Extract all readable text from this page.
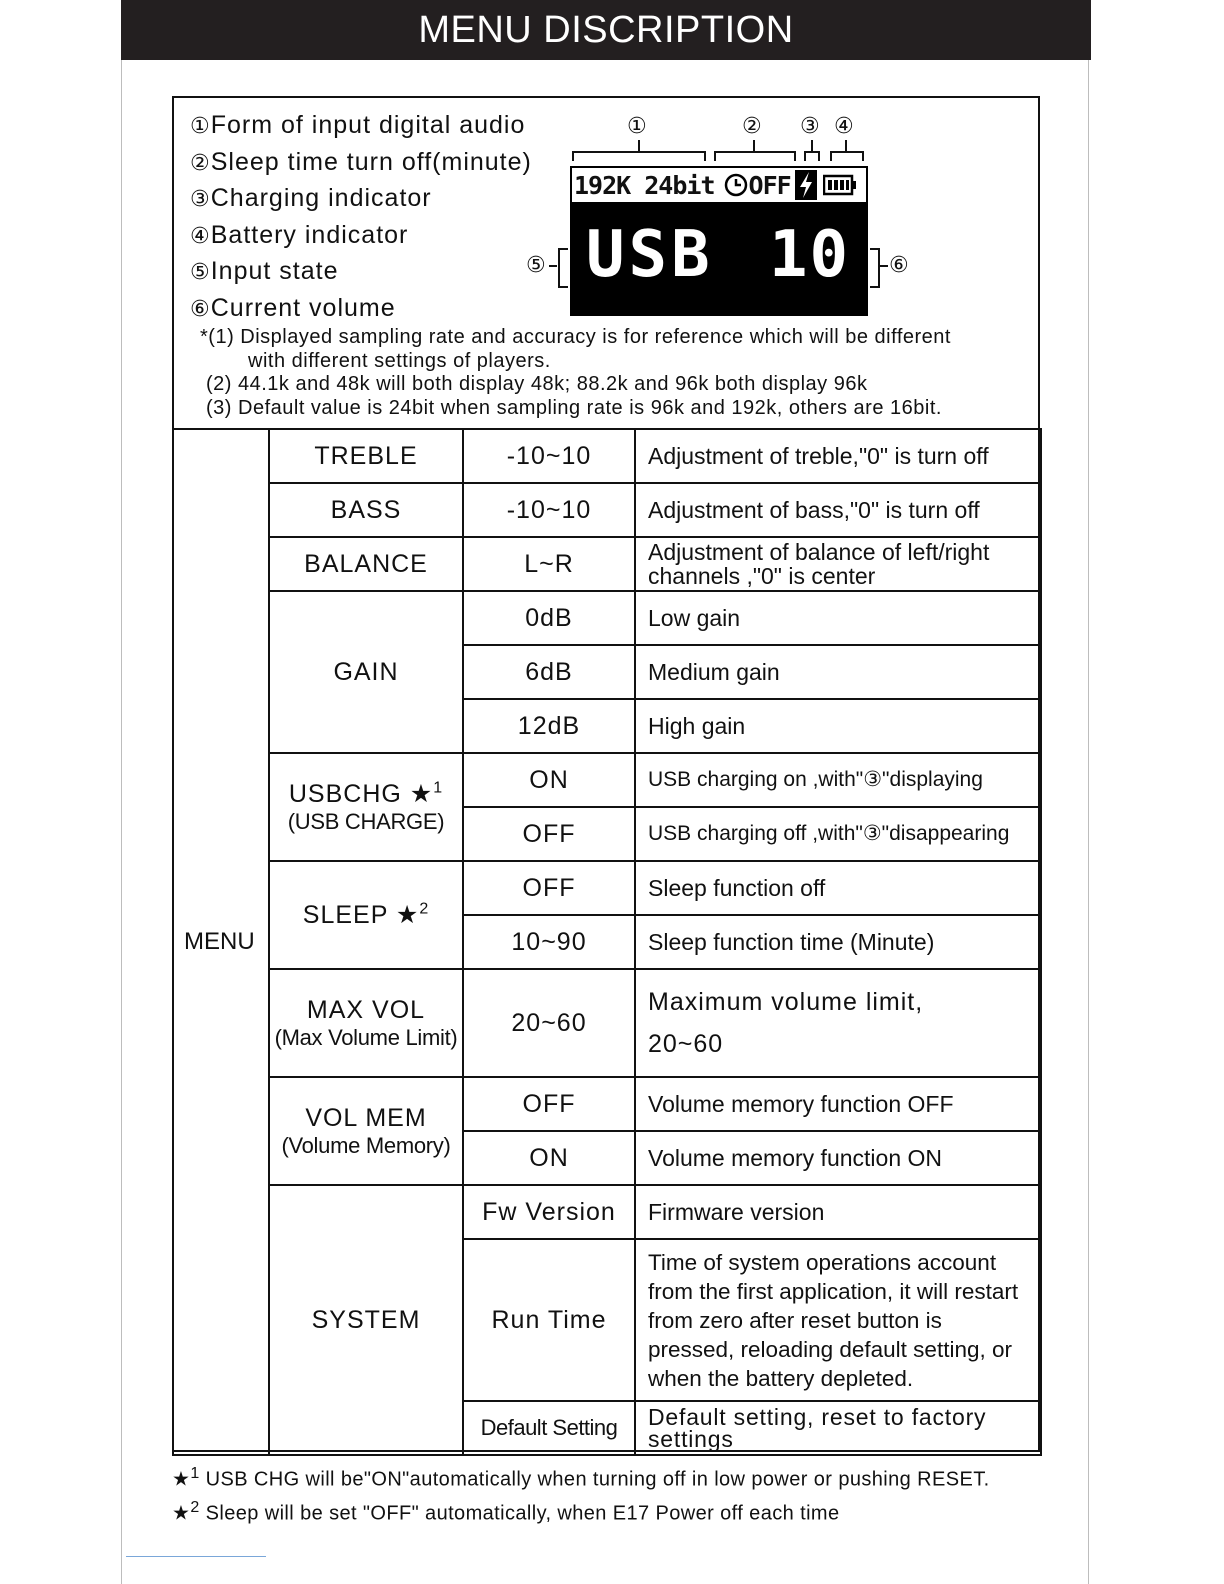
MENU DISCRIPTION
①Form of input digital audio
②Sleep time turn off(minute)
③Charging indicator
④Battery indicator
⑤Input state
⑥Current volume
①	② ③ ④
192K 24bit OFF
USB 10
⑤	⑥
*(1) Displayed sampling rate and accuracy is for reference which will be different
with different settings of players.
(2) 44.1k and 48k will both display 48k; 88.2k and 96k both display 96k
(3) Default value is 24bit when sampling rate is 96k and 192k, others are 16bit.
MENU	TREBLE	-10~10	Adjustment of treble,"0" is turn off
	BASS	-10~10	Adjustment of bass,"0" is turn off
	BALANCE	L~R	Adjustment of balance of left/right channels ,"0" is center
	GAIN	0dB	Low gain
		6dB	Medium gain
		12dB	High gain
	USBCHG ★$^1$
(USB CHARGE)	ON	USB charging on ,with"③"displaying
		OFF	USB charging off ,with"③"disappearing
	SLEEP ★$^2$	OFF	Sleep function off
		10~90	Sleep function time (Minute)
	MAX VOL
(Max Volume Limit)	20~60	Maximum volume limit, 20~60
	VOL MEM
(Volume Memory)	OFF	Volume memory function OFF
		ON	Volume memory function ON
	SYSTEM	Fw Version	Firmware version
		Run Time	Time of system operations account from the first application, it will restart from zero after reset button is pressed, reloading default setting, or when the battery depleted.
		Default Setting	Default setting, reset to factory settings
★$^1$ USB CHG will be"ON"automatically when turning off in low power or pushing RESET.
★$^2$ Sleep will be set "OFF" automatically, when E17 Power off each time
